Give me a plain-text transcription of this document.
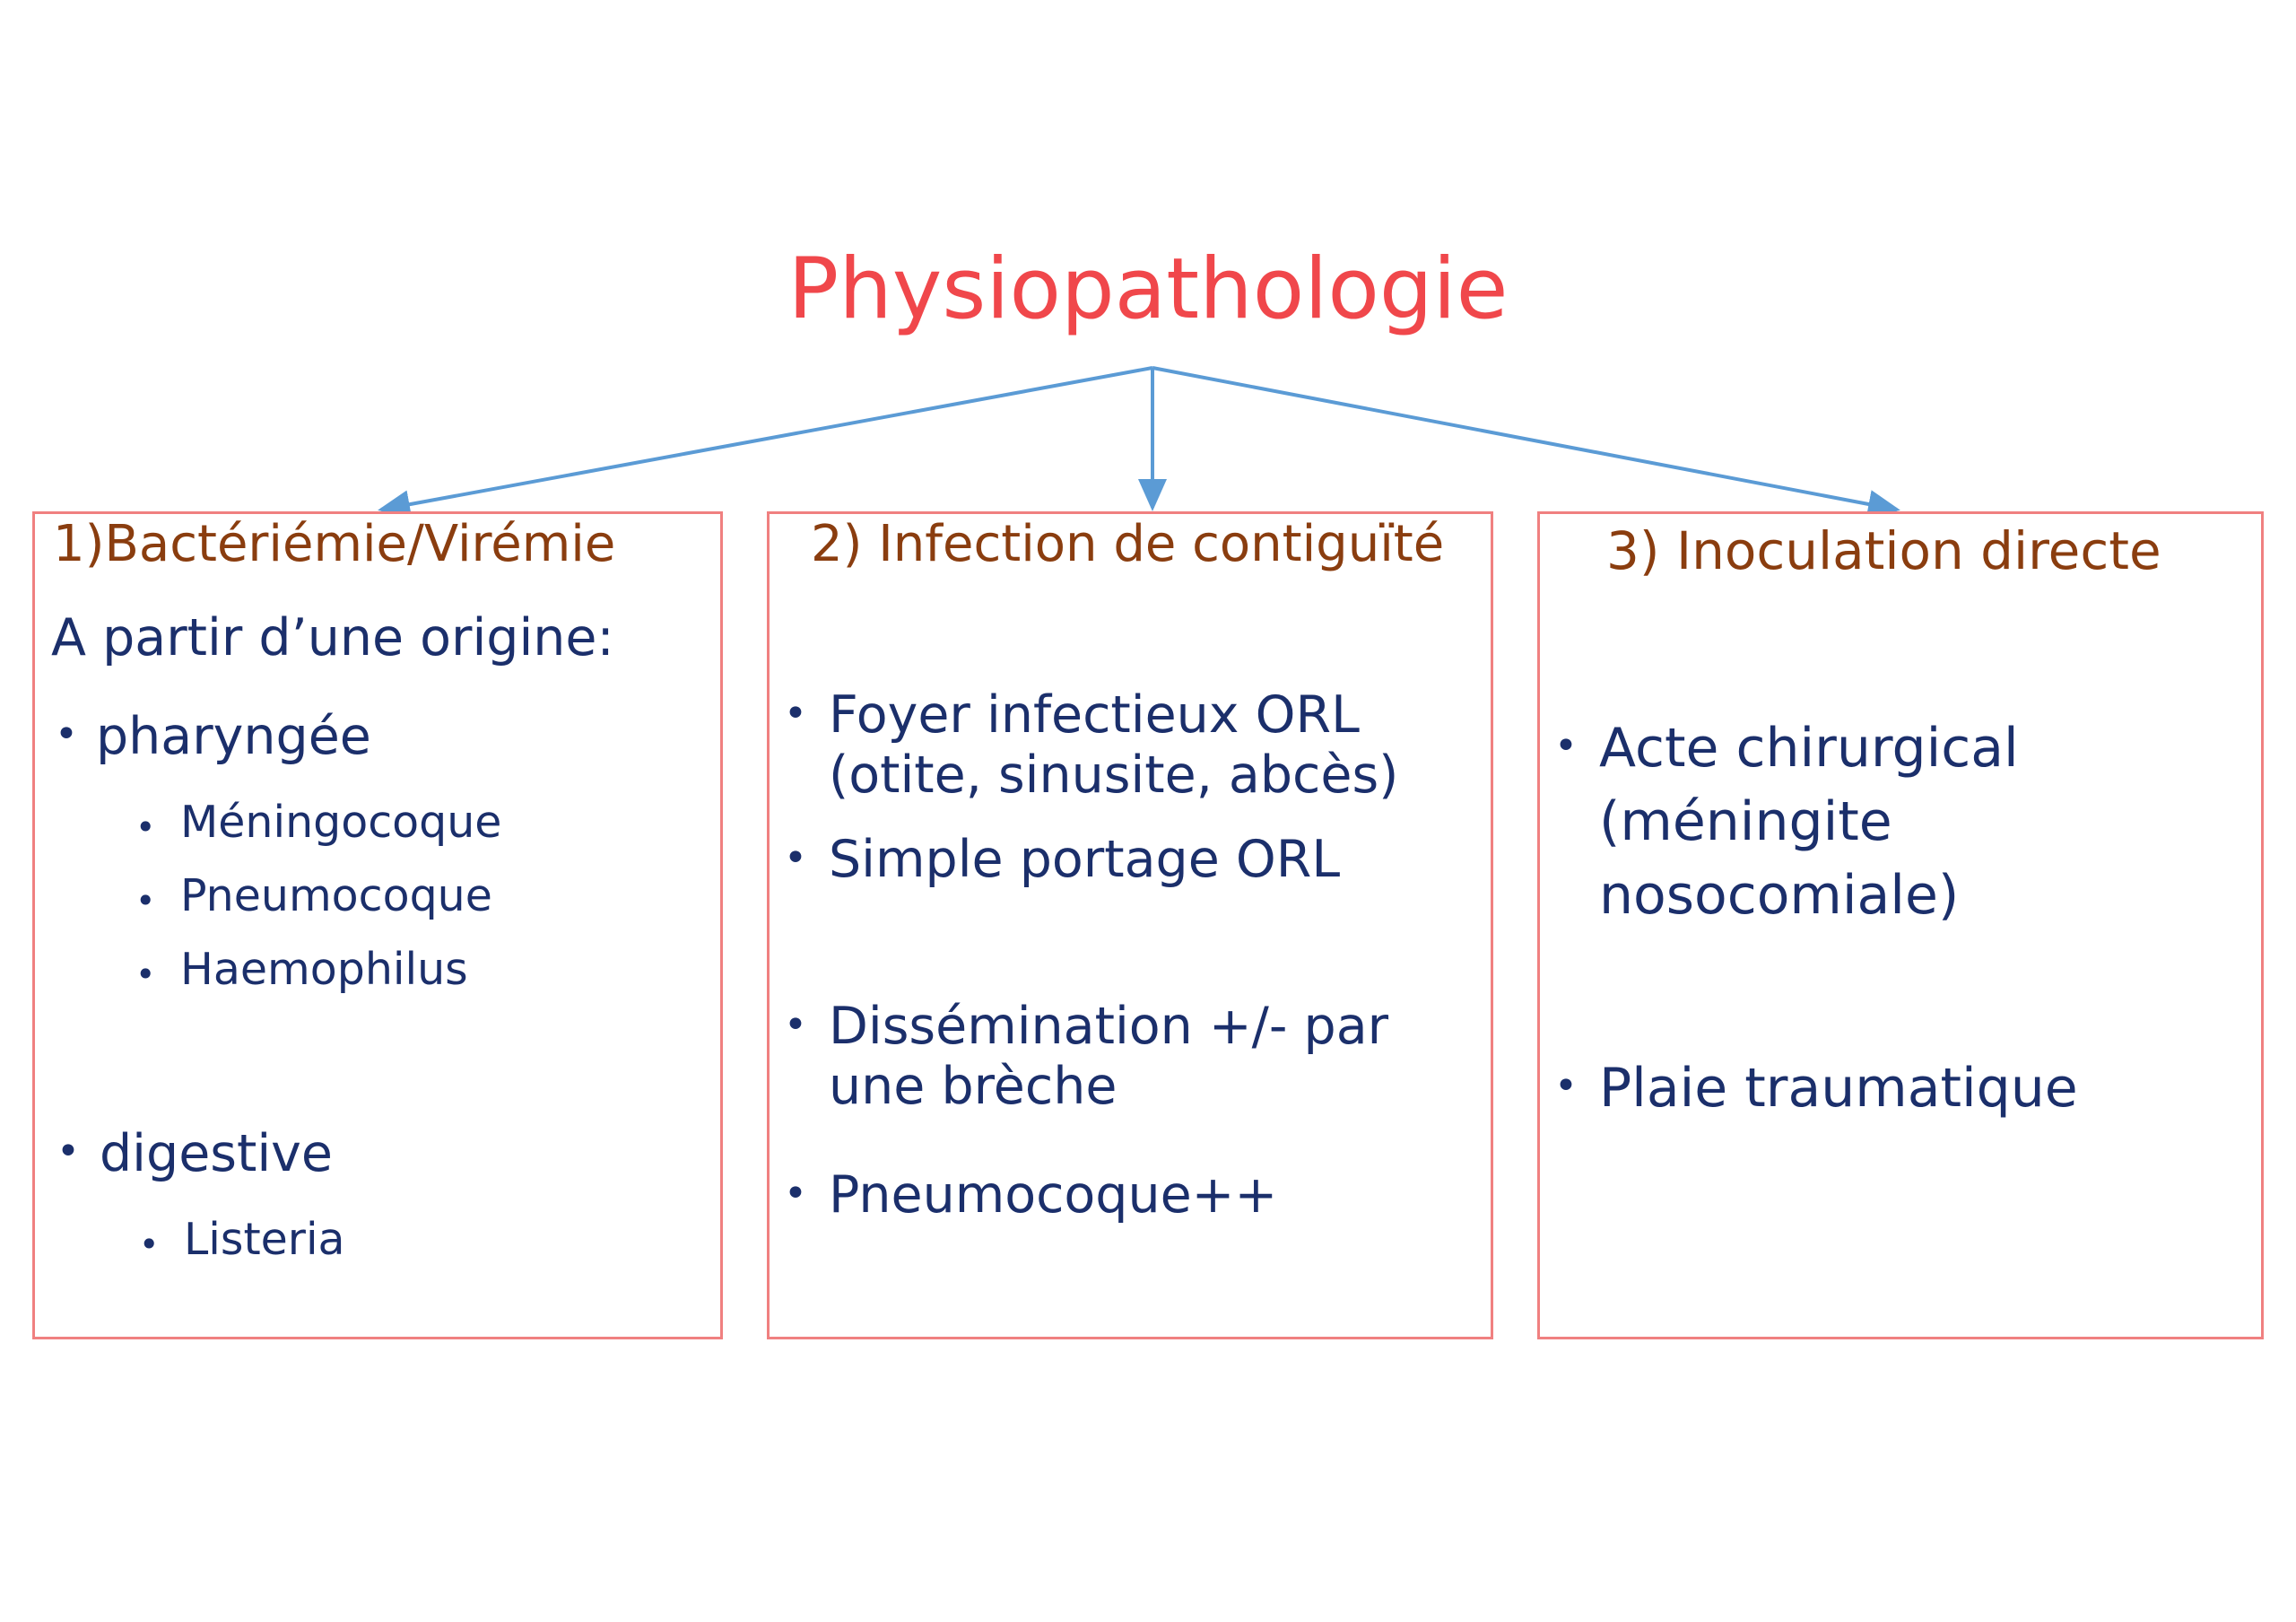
Physiopathologie
1)Bactériémie/Virémie
A partir d’une origine:
• pharyngée
• Méningocoque
• Pneumocoque
• Haemophilus
• digestive
• Listeria
2) Infection de contiguïté
• Foyer infectieux ORL
(otite, sinusite, abcès)
• Simple portage ORL
• Dissémination +/- par
une brèche
• Pneumocoque++
3) Inoculation directe
• Acte chirurgical
(méningite
nosocomiale)
• Plaie traumatique
